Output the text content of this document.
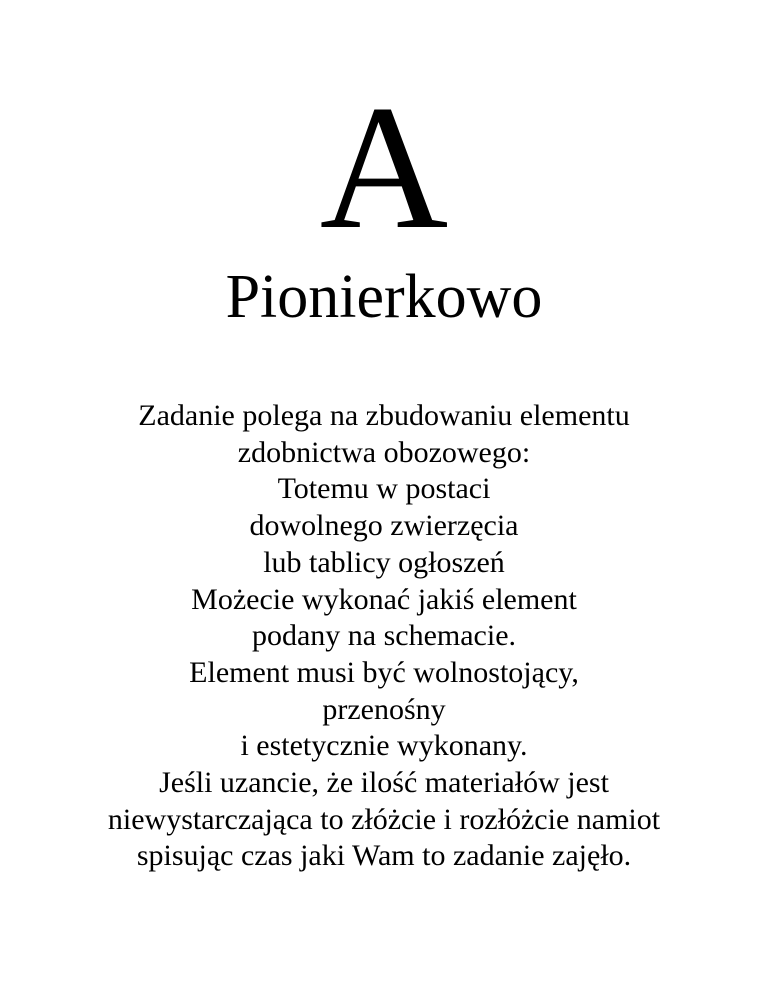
A
Pionierkowo
Zadanie polega na zbudowaniu elementu
zdobnictwa obozowego:
Totemu w postaci
dowolnego zwierzęcia
lub tablicy ogłoszeń
Możecie wykonać jakiś element
podany na schemacie.
Element musi być wolnostojący,
przenośny
i estetycznie wykonany.
Jeśli uzancie, że ilość materiałów jest
niewystarczająca to złóżcie i rozłóżcie namiot
spisując czas jaki Wam to zadanie zajęło.
